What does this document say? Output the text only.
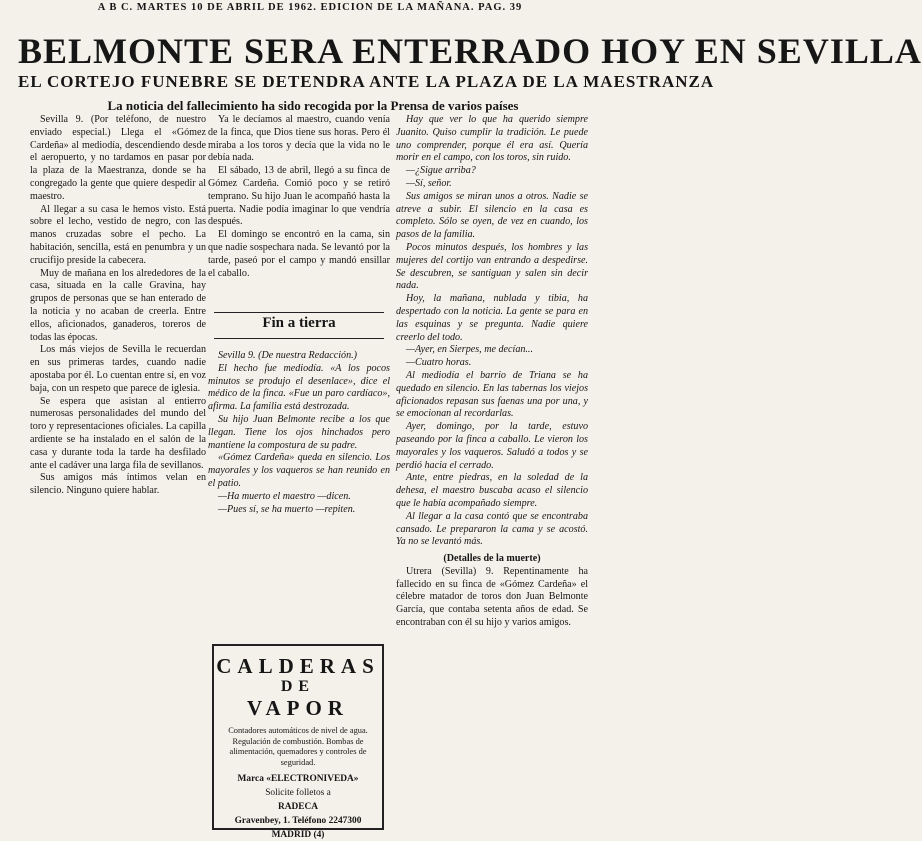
A B C. MARTES 10 DE ABRIL DE 1962. EDICION DE LA MAÑANA. PAG. 39
BELMONTE SERA ENTERRADO HOY EN SEVILLA
EL CORTEJO FUNEBRE SE DETENDRA ANTE LA PLAZA DE LA MAESTRANZA
La noticia del fallecimiento ha sido recogida por la Prensa de varios países

Sevilla 9. (Por teléfono, de nuestro enviado especial.) Llega el «Gómez Cardeña» al mediodía, descendiendo desde el aeropuerto, y no tardamos en pasar por la plaza de la Maestranza, donde se ha congregado la gente que quiere despedir al maestro.

Al llegar a su casa le hemos visto. Está sobre el lecho, vestido de negro, con las manos cruzadas sobre el pecho. La habitación, sencilla, está en penumbra y un crucifijo preside la cabecera.

Muy de mañana en los alrededores de la casa, situada en la calle Gravina, hay grupos de personas que se han enterado de la noticia y no acaban de creerla. Entre ellos, aficionados, ganaderos, toreros de todas las épocas.

Los más viejos de Sevilla le recuerdan en sus primeras tardes, cuando nadie apostaba por él. Lo cuentan entre sí, en voz baja, con un respeto que parece de iglesia.

Se espera que asistan al entierro numerosas personalidades del mundo del toro y representaciones oficiales. La capilla ardiente se ha instalado en el salón de la casa y durante toda la tarde ha desfilado ante el cadáver una larga fila de sevillanos.

Sus amigos más íntimos velan en silencio. Ninguno quiere hablar.

Ya le decíamos al maestro, cuando venía de la finca, que Dios tiene sus horas. Pero él miraba a los toros y decía que la vida no le debía nada.

El sábado, 13 de abril, llegó a su finca de Gómez Cardeña. Comió poco y se retiró temprano. Su hijo Juan le acompañó hasta la puerta. Nadie podía imaginar lo que vendría después.

El domingo se encontró en la cama, sin que nadie sospechara nada. Se levantó por la tarde, paseó por el campo y mandó ensillar el caballo.

Fin a tierra

Sevilla 9. (De nuestra Redacción.)

El hecho fue mediodía. «A los pocos minutos se produjo el desenlace», dice el médico de la finca. «Fue un paro cardíaco», afirma. La familia está destrozada.

Su hijo Juan Belmonte recibe a los que llegan. Tiene los ojos hinchados pero mantiene la compostura de su padre.

«Gómez Cardeña» queda en silencio. Los mayorales y los vaqueros se han reunido en el patio.

—Ha muerto el maestro —dicen.

—Pues sí, se ha muerto —repiten.

CALDERAS
DE
VAPOR
Contadores automáticos de nivel de agua. Regulación de combustión. Bombas de alimentación, quemadores y controles de seguridad.
Marca «ELECTRONIVEDA»
Solicite folletos a
RADECA
Gravenbey, 1. Teléfono 2247300
MADRID (4)

Hay que ver lo que ha querido siempre Juanito. Quiso cumplir la tradición. Le puede uno comprender, porque él era así. Quería morir en el campo, con los toros, sin ruido.

—¿Sigue arriba?

—Sí, señor.

Sus amigos se miran unos a otros. Nadie se atreve a subir. El silencio en la casa es completo. Sólo se oyen, de vez en cuando, los pasos de la familia.

Pocos minutos después, los hombres y las mujeres del cortijo van entrando a despedirse. Se descubren, se santiguan y salen sin decir nada.

Hoy, la mañana, nublada y tibia, ha despertado con la noticia. La gente se para en las esquinas y se pregunta. Nadie quiere creerlo del todo.

—Ayer, en Sierpes, me decían...

—Cuatro horas.

Al mediodía el barrio de Triana se ha quedado en silencio. En las tabernas los viejos aficionados repasan sus faenas una por una, y se emocionan al recordarlas.

Ayer, domingo, por la tarde, estuvo paseando por la finca a caballo. Le vieron los mayorales y los vaqueros. Saludó a todos y se perdió hacia el cerrado.

Ante, entre piedras, en la soledad de la dehesa, el maestro buscaba acaso el silencio que le había acompañado siempre.

Al llegar a la casa contó que se encontraba cansado. Le prepararon la cama y se acostó. Ya no se levantó más.

(Detalles de la muerte)

Utrera (Sevilla) 9. Repentinamente ha fallecido en su finca de «Gómez Cardeña» el célebre matador de toros don Juan Belmonte García, que contaba setenta años de edad. Se encontraban con él su hijo y varios amigos.
